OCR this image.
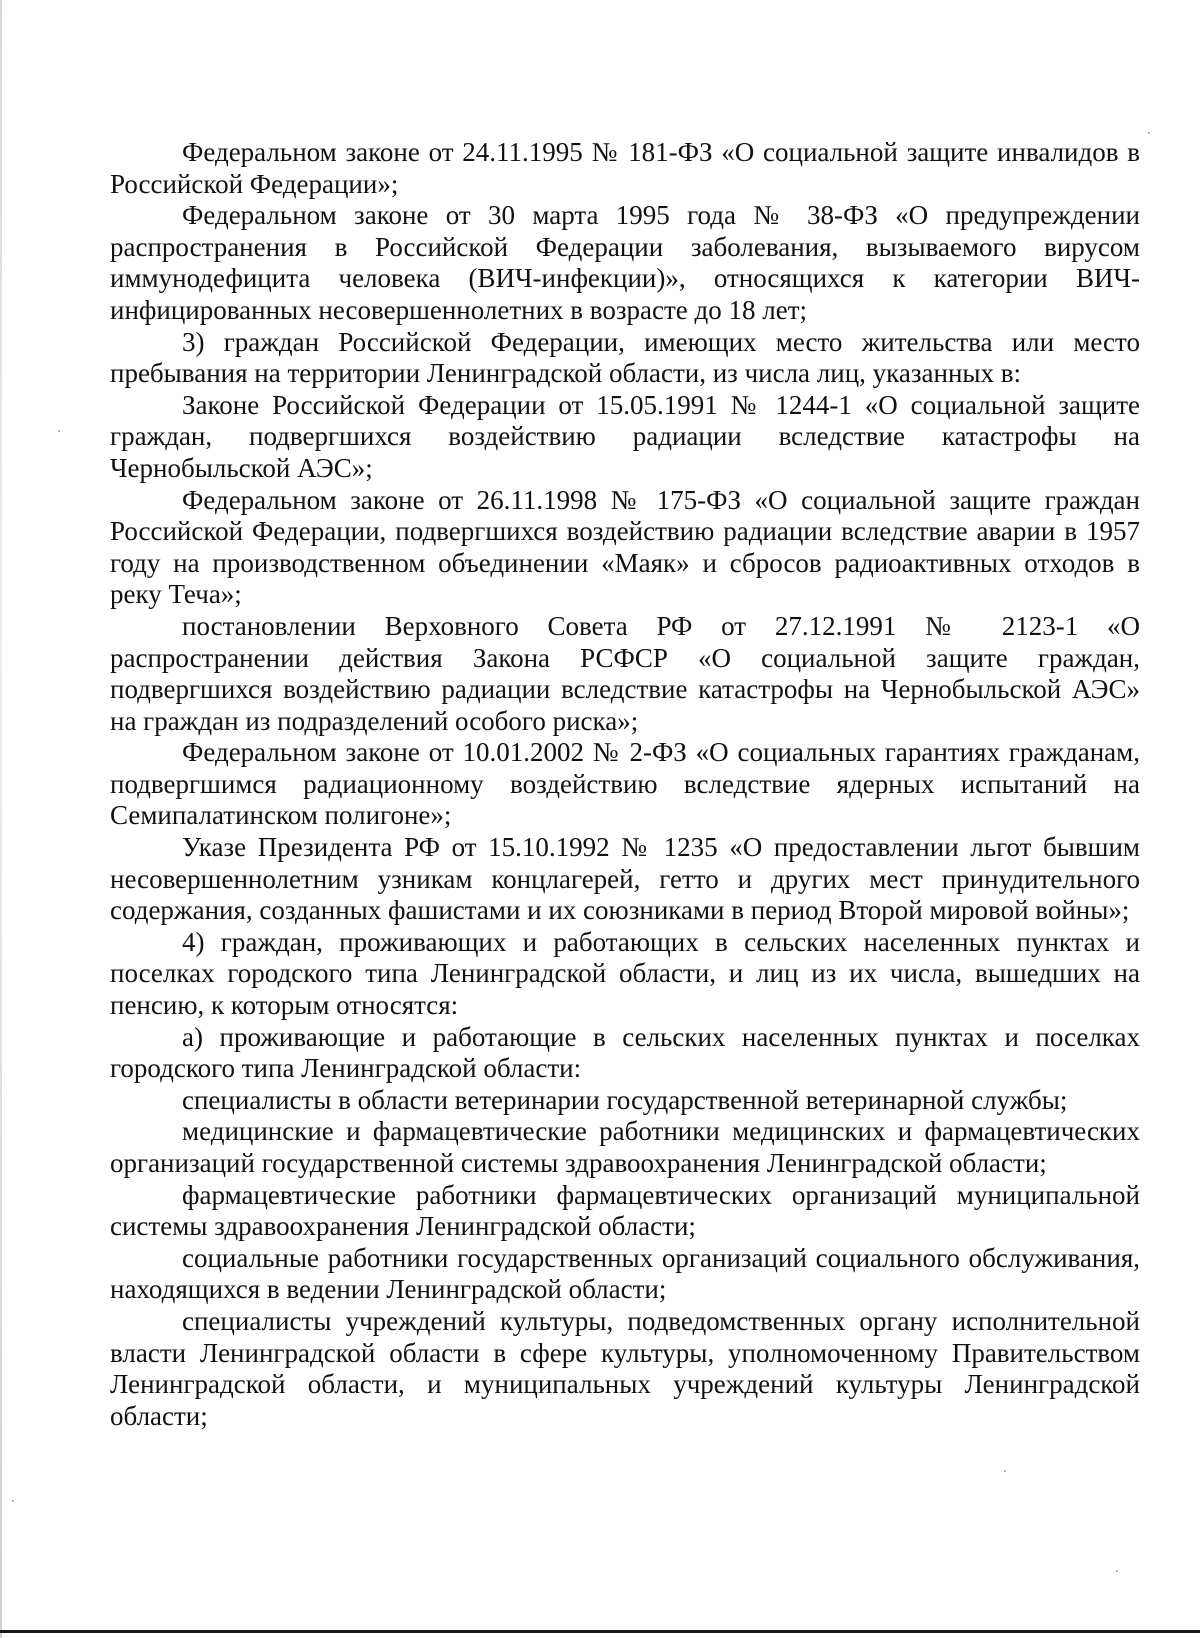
Федеральном законе от 24.11.1995 № 181-ФЗ «О социальной защите инвалидов в Российской Федерации»;

Федеральном законе от 30 марта 1995 года № 38-ФЗ «О предупреждении распространения в Российской Федерации заболевания, вызываемого вирусом иммунодефицита человека (ВИЧ-инфекции)», относящихся к категории ВИЧ-инфицированных несовершеннолетних в возрасте до 18 лет;

3) граждан Российской Федерации, имеющих место жительства или место пребывания на территории Ленинградской области, из числа лиц, указанных в:

Законе Российской Федерации от 15.05.1991 № 1244-1 «О социальной защите граждан, подвергшихся воздействию радиации вследствие катастрофы на Чернобыльской АЭС»;

Федеральном законе от 26.11.1998 № 175-ФЗ «О социальной защите граждан Российской Федерации, подвергшихся воздействию радиации вследствие аварии в 1957 году на производственном объединении «Маяк» и сбросов радиоактивных отходов в реку Теча»;

постановлении Верховного Совета РФ от 27.12.1991 № 2123-1 «О распространении действия Закона РСФСР «О социальной защите граждан, подвергшихся воздействию радиации вследствие катастрофы на Чернобыльской АЭС» на граждан из подразделений особого риска»;

Федеральном законе от 10.01.2002 № 2-ФЗ «О социальных гарантиях гражданам, подвергшимся радиационному воздействию вследствие ядерных испытаний на Семипалатинском полигоне»;

Указе Президента РФ от 15.10.1992 № 1235 «О предоставлении льгот бывшим несовершеннолетним узникам концлагерей, гетто и других мест принудительного содержания, созданных фашистами и их союзниками в период Второй мировой войны»;

4) граждан, проживающих и работающих в сельских населенных пунктах и поселках городского типа Ленинградской области, и лиц из их числа, вышедших на пенсию, к которым относятся:

а) проживающие и работающие в сельских населенных пунктах и поселках городского типа Ленинградской области:

специалисты в области ветеринарии государственной ветеринарной службы;

медицинские и фармацевтические работники медицинских и фармацевтических организаций государственной системы здравоохранения Ленинградской области;

фармацевтические работники фармацевтических организаций муниципальной системы здравоохранения Ленинградской области;

социальные работники государственных организаций социального обслуживания, находящихся в ведении Ленинградской области;

специалисты учреждений культуры, подведомственных органу исполнительной власти Ленинградской области в сфере культуры, уполномоченному Правительством Ленинградской области, и муниципальных учреждений культуры Ленинградской области;
